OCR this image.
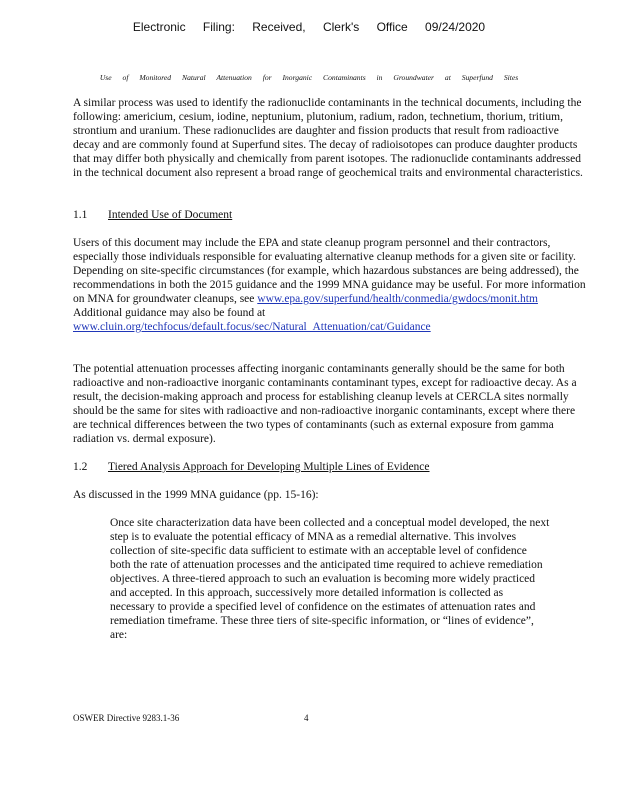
Electronic Filing: Received, Clerk's Office 09/24/2020
Use of Monitored Natural Attenuation for Inorganic Contaminants in Groundwater at Superfund Sites
A similar process was used to identify the radionuclide contaminants in the technical documents, including the following: americium, cesium, iodine, neptunium, plutonium, radium, radon, technetium, thorium, tritium, strontium and uranium. These radionuclides are daughter and fission products that result from radioactive decay and are commonly found at Superfund sites. The decay of radioisotopes can produce daughter products that may differ both physically and chemically from parent isotopes. The radionuclide contaminants addressed in the technical document also represent a broad range of geochemical traits and environmental characteristics.
1.1 Intended Use of Document
Users of this document may include the EPA and state cleanup program personnel and their contractors, especially those individuals responsible for evaluating alternative cleanup methods for a given site or facility. Depending on site-specific circumstances (for example, which hazardous substances are being addressed), the recommendations in both the 2015 guidance and the 1999 MNA guidance may be useful. For more information on MNA for groundwater cleanups, see www.epa.gov/superfund/health/conmedia/gwdocs/monit.htm
Additional guidance may also be found at
www.cluin.org/techfocus/default.focus/sec/Natural_Attenuation/cat/Guidance
The potential attenuation processes affecting inorganic contaminants generally should be the same for both radioactive and non-radioactive inorganic contaminants contaminant types, except for radioactive decay. As a result, the decision-making approach and process for establishing cleanup levels at CERCLA sites normally should be the same for sites with radioactive and non-radioactive inorganic contaminants, except where there are technical differences between the two types of contaminants (such as external exposure from gamma radiation vs. dermal exposure).
1.2 Tiered Analysis Approach for Developing Multiple Lines of Evidence
As discussed in the 1999 MNA guidance (pp. 15-16):
Once site characterization data have been collected and a conceptual model developed, the next step is to evaluate the potential efficacy of MNA as a remedial alternative. This involves collection of site-specific data sufficient to estimate with an acceptable level of confidence both the rate of attenuation processes and the anticipated time required to achieve remediation objectives. A three-tiered approach to such an evaluation is becoming more widely practiced and accepted. In this approach, successively more detailed information is collected as necessary to provide a specified level of confidence on the estimates of attenuation rates and remediation timeframe. These three tiers of site-specific information, or “lines of evidence”, are:
OSWER Directive 9283.1-36	4
